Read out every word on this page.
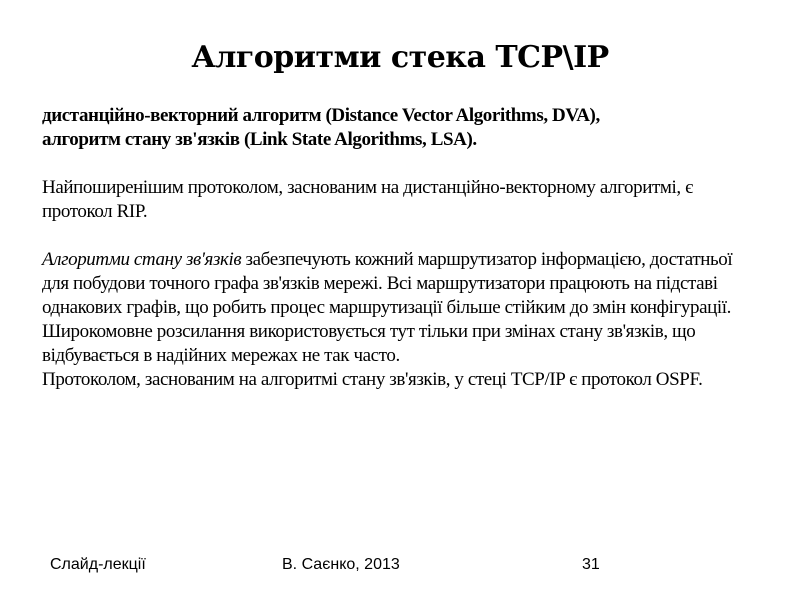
Алгоритми стека TCP\IP

дистанційно-векторний алгоритм (Distance Vector Algorithms, DVA),

алгоритм стану зв'язків (Link State Algorithms, LSA).

Найпоширенішим протоколом, заснованим на дистанційно-векторному алгоритмі, є протокол RIP.

Алгоритми стану зв'язків забезпечують кожний маршрутизатор інформацією, достатньої для побудови точного графа зв'язків мережі. Всі маршрутизатори працюють на підставі однакових графів, що робить процес маршрутизації більше стійким до змін конфігурації. Широкомовне розсилання використовується тут тільки при змінах стану зв'язків, що відбувається в надійних мережах не так часто.

Протоколом, заснованим на алгоритмі стану зв'язків, у стеці TCP/IP є протокол OSPF.

Слайд-лекції	В. Саєнко, 2013	31
